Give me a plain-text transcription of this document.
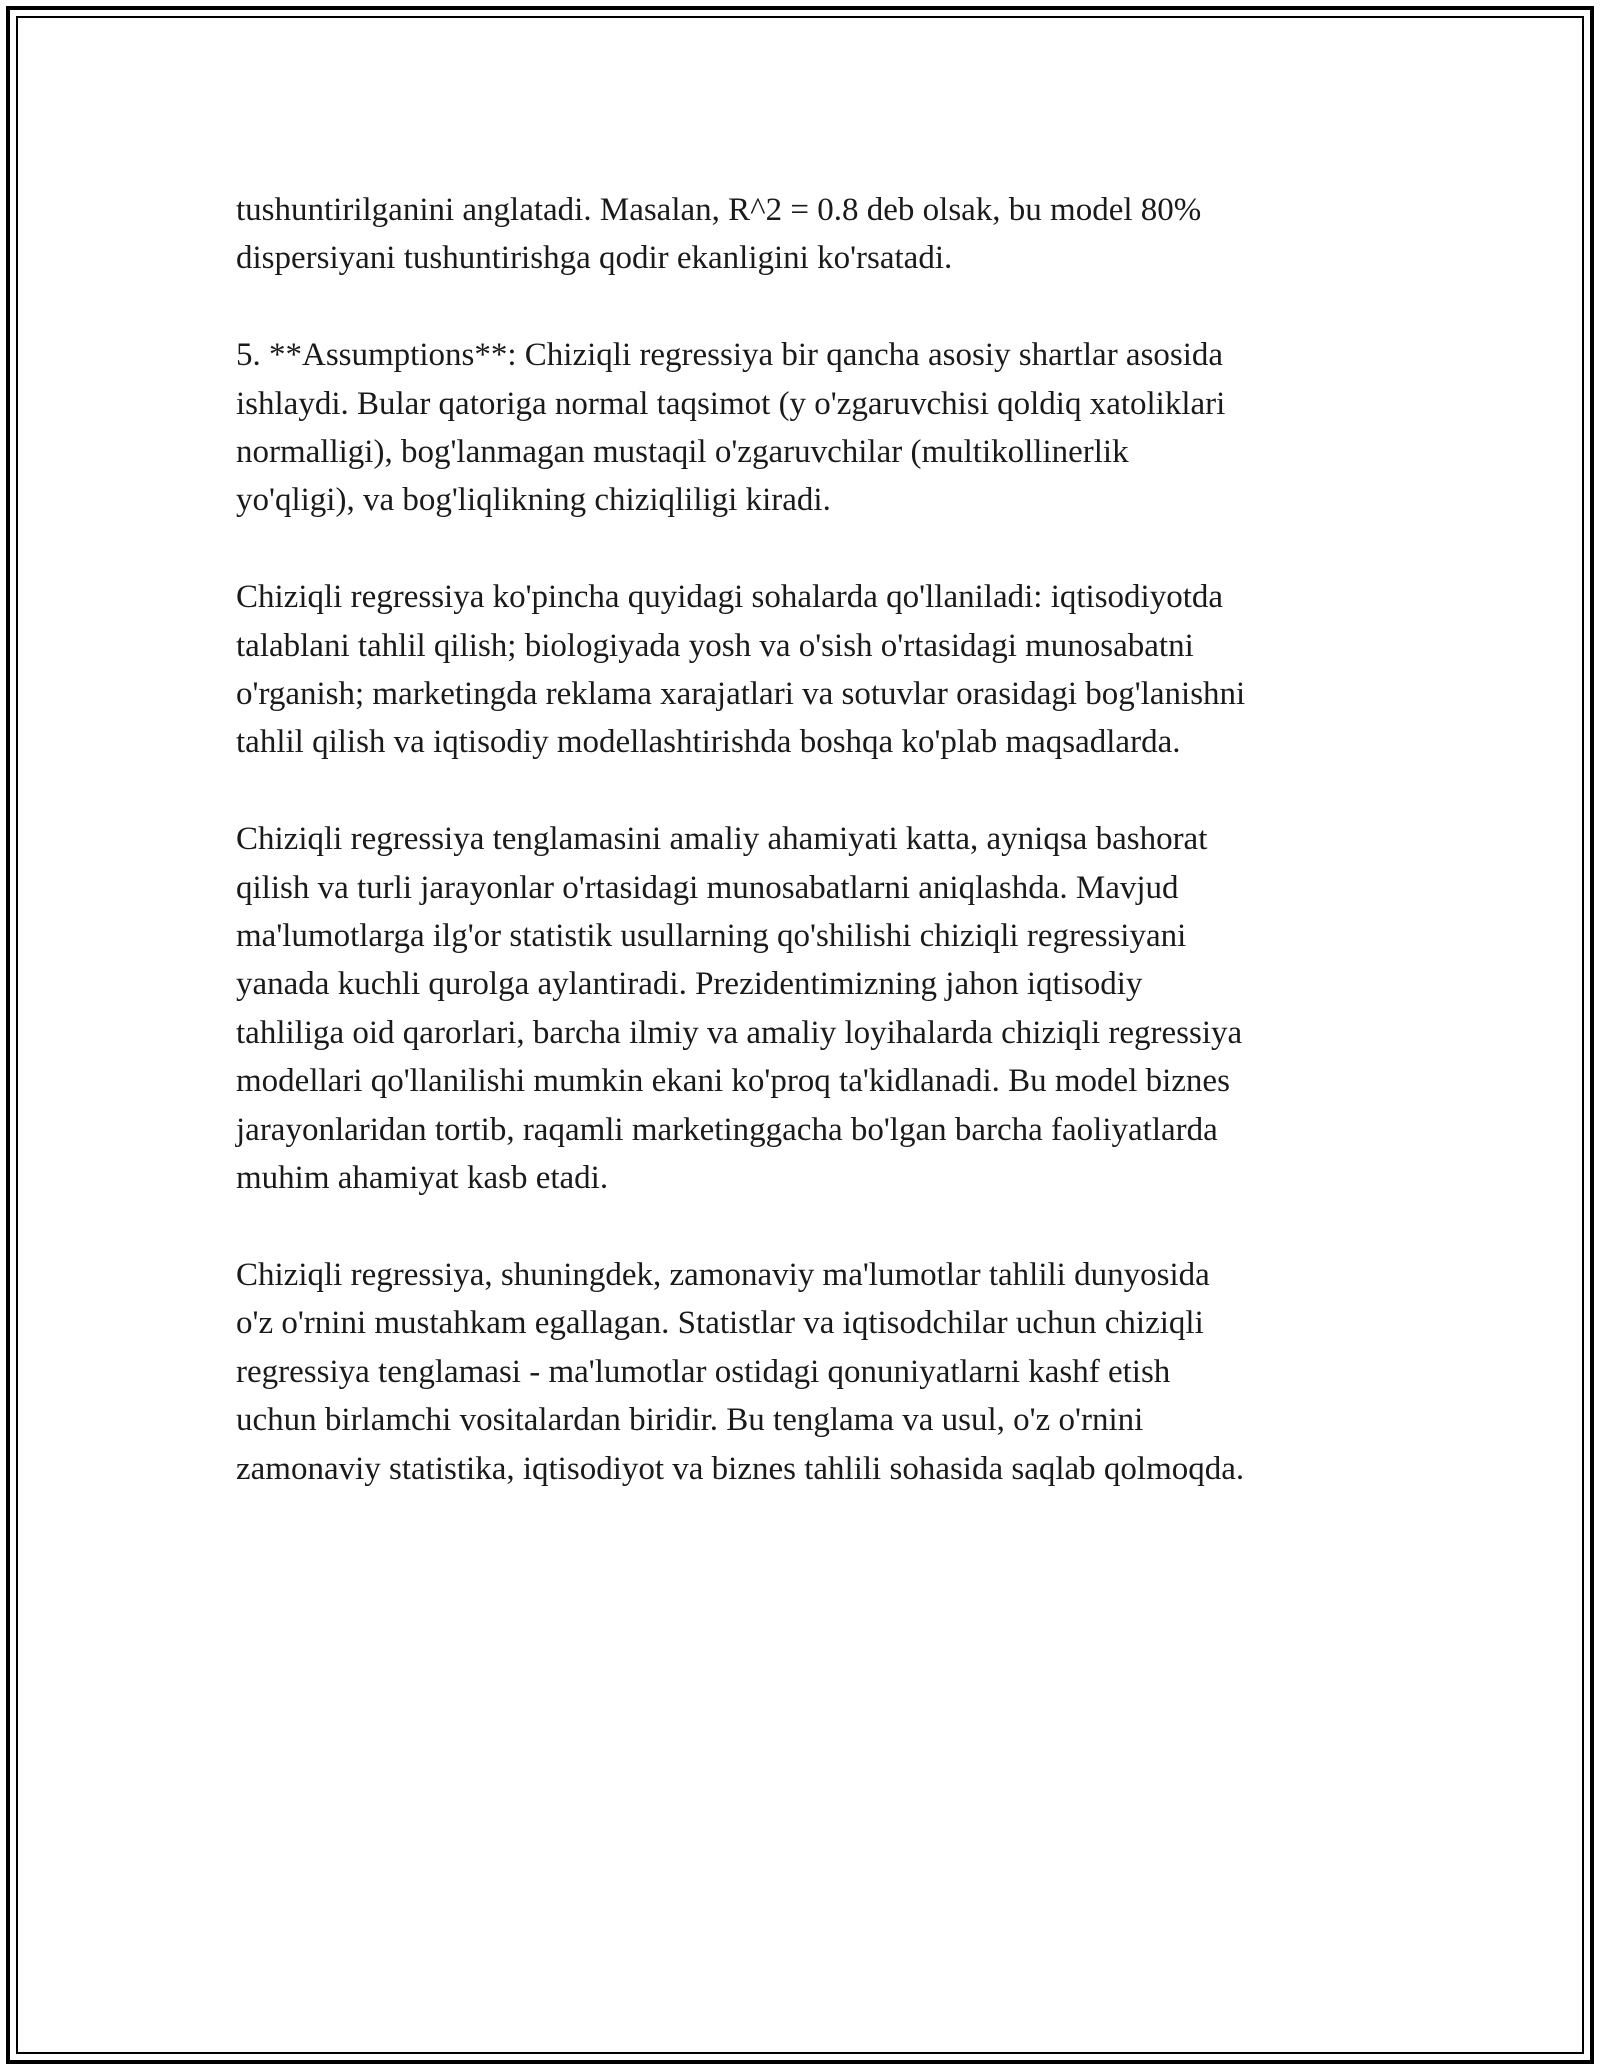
tushuntirilganini anglatadi. Masalan, R^2 = 0.8 deb olsak, bu model 80%
dispersiyani tushuntirishga qodir ekanligini ko'rsatadi.

5. **Assumptions**: Chiziqli regressiya bir qancha asosiy shartlar asosida
ishlaydi. Bular qatoriga normal taqsimot (y o'zgaruvchisi qoldiq xatoliklari
normalligi), bog'lanmagan mustaqil o'zgaruvchilar (multikollinerlik
yo'qligi), va bog'liqlikning chiziqliligi kiradi.

Chiziqli regressiya ko'pincha quyidagi sohalarda qo'llaniladi: iqtisodiyotda
talablani tahlil qilish; biologiyada yosh va o'sish o'rtasidagi munosabatni
o'rganish; marketingda reklama xarajatlari va sotuvlar orasidagi bog'lanishni
tahlil qilish va iqtisodiy modellashtirishda boshqa ko'plab maqsadlarda.

Chiziqli regressiya tenglamasini amaliy ahamiyati katta, ayniqsa bashorat
qilish va turli jarayonlar o'rtasidagi munosabatlarni aniqlashda. Mavjud
ma'lumotlarga ilg'or statistik usullarning qo'shilishi chiziqli regressiyani
yanada kuchli qurolga aylantiradi. Prezidentimizning jahon iqtisodiy
tahliliga oid qarorlari, barcha ilmiy va amaliy loyihalarda chiziqli regressiya
modellari qo'llanilishi mumkin ekani ko'proq ta'kidlanadi. Bu model biznes
jarayonlaridan tortib, raqamli marketinggacha bo'lgan barcha faoliyatlarda
muhim ahamiyat kasb etadi.

Chiziqli regressiya, shuningdek, zamonaviy ma'lumotlar tahlili dunyosida
o'z o'rnini mustahkam egallagan. Statistlar va iqtisodchilar uchun chiziqli
regressiya tenglamasi - ma'lumotlar ostidagi qonuniyatlarni kashf etish
uchun birlamchi vositalardan biridir. Bu tenglama va usul, o'z o'rnini
zamonaviy statistika, iqtisodiyot va biznes tahlili sohasida saqlab qolmoqda.
